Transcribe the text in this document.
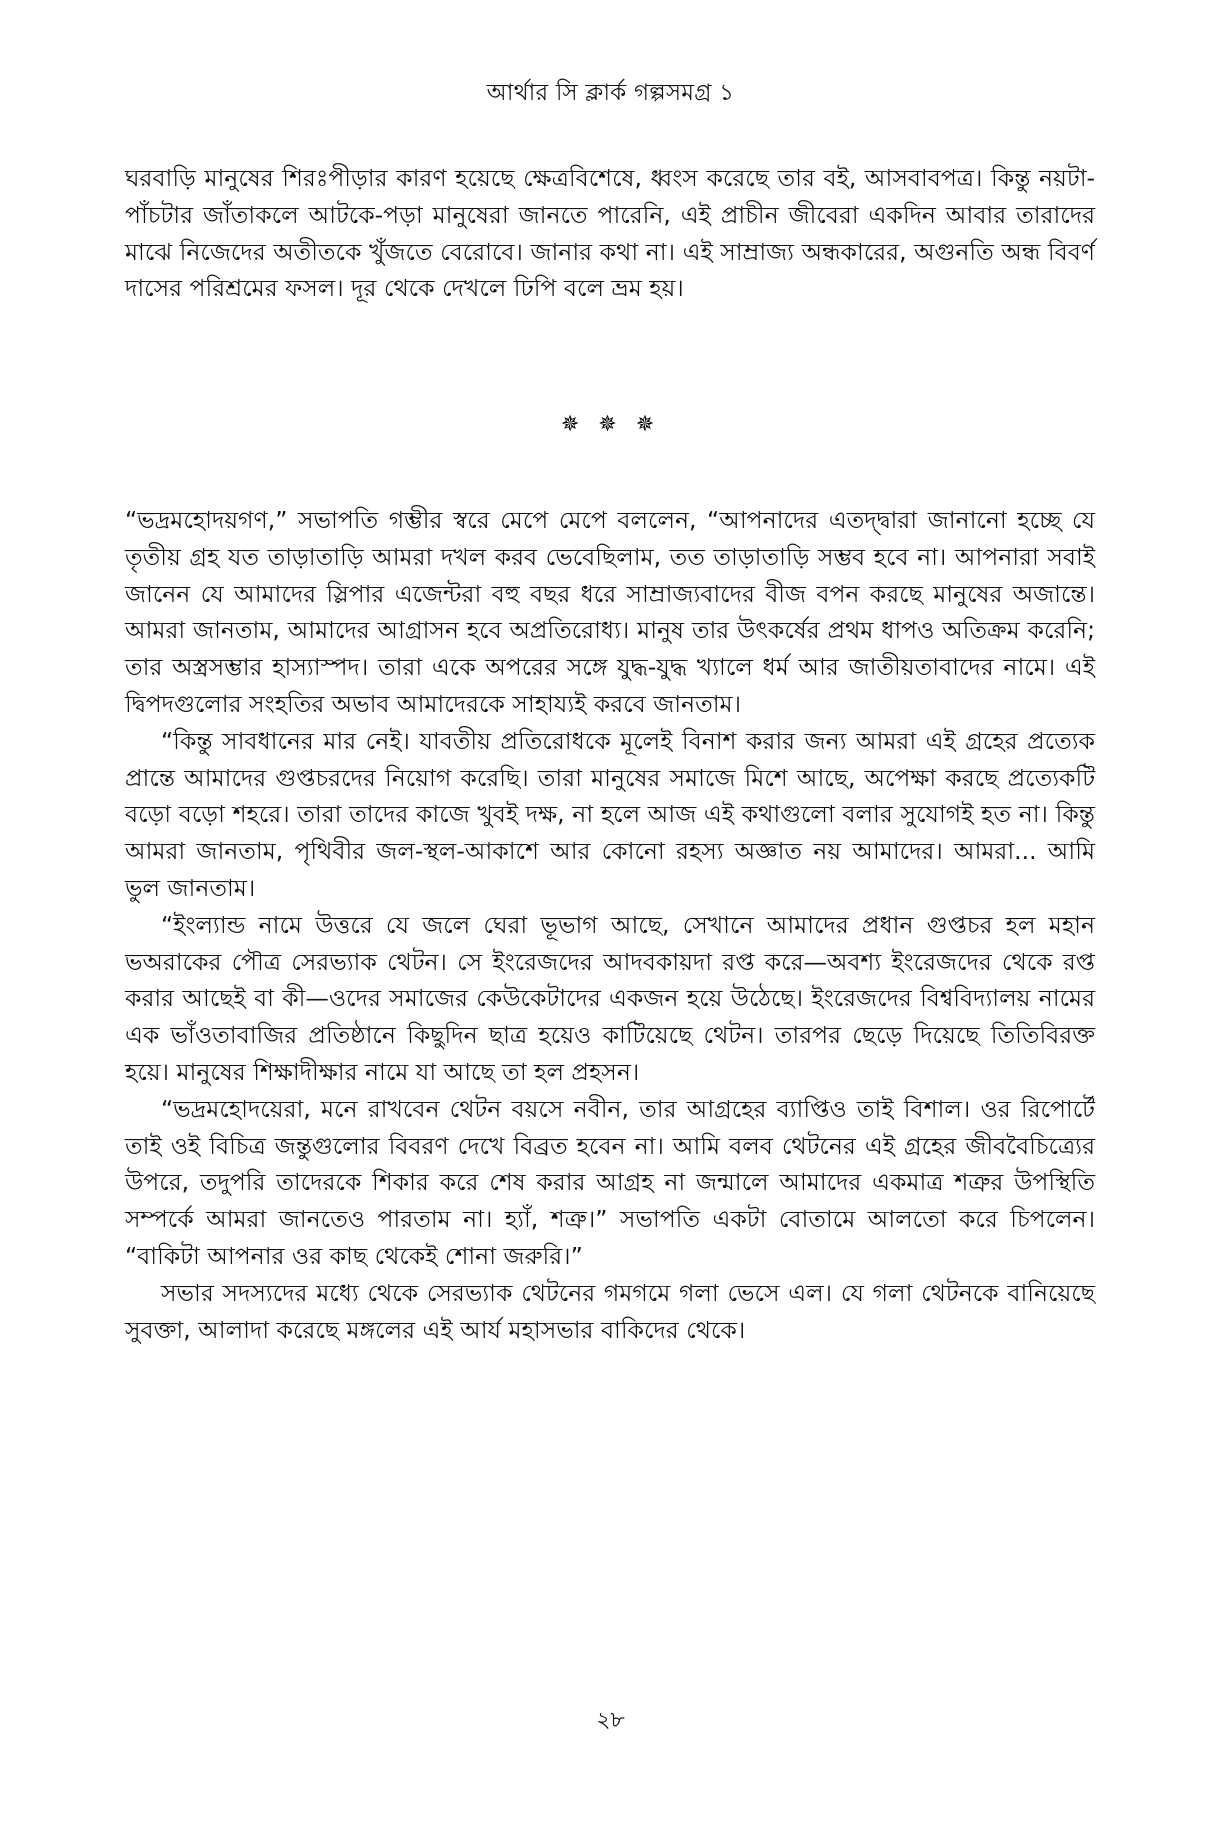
আর্থার সি ক্লার্ক গল্পসমগ্র ১

ঘরবাড়ি মানুষের শিরঃপীড়ার কারণ হয়েছে ক্ষেত্রবিশেষে, ধ্বংস করেছে তার বই, আসবাবপত্র। কিন্তু নয়টা-পাঁচটার জাঁতাকলে আটকে-পড়া মানুষেরা জানতে পারেনি, এই প্রাচীন জীবেরা একদিন আবার তারাদের মাঝে নিজেদের অতীতকে খুঁজতে বেরোবে। জানার কথা না। এই সাম্রাজ্য অন্ধকারের, অগুনতি অন্ধ বিবর্ণ দাসের পরিশ্রমের ফসল। দূর থেকে দেখলে ঢিপি বলে ভ্রম হয়।

✵ ✵ ✵

“ভদ্রমহোদয়গণ,” সভাপতি গম্ভীর স্বরে মেপে মেপে বললেন, “আপনাদের এতদ্দ্বারা জানানো হচ্ছে যে তৃতীয় গ্রহ যত তাড়াতাড়ি আমরা দখল করব ভেবেছিলাম, তত তাড়াতাড়ি সম্ভব হবে না। আপনারা সবাই জানেন যে আমাদের স্লিপার এজেন্টরা বহু বছর ধরে সাম্রাজ্যবাদের বীজ বপন করছে মানুষের অজান্তে। আমরা জানতাম, আমাদের আগ্রাসন হবে অপ্রতিরোধ্য। মানুষ তার উৎকর্ষের প্রথম ধাপও অতিক্রম করেনি; তার অস্ত্রসম্ভার হাস্যাস্পদ। তারা একে অপরের সঙ্গে যুদ্ধ-যুদ্ধ খ্যালে ধর্ম আর জাতীয়তাবাদের নামে। এই দ্বিপদগুলোর সংহতির অভাব আমাদেরকে সাহায্যই করবে জানতাম।

“কিন্তু সাবধানের মার নেই। যাবতীয় প্রতিরোধকে মূলেই বিনাশ করার জন্য আমরা এই গ্রহের প্রত্যেক প্রান্তে আমাদের গুপ্তচরদের নিয়োগ করেছি। তারা মানুষের সমাজে মিশে আছে, অপেক্ষা করছে প্রত্যেকটি বড়ো বড়ো শহরে। তারা তাদের কাজে খুবই দক্ষ, না হলে আজ এই কথাগুলো বলার সুযোগই হত না। কিন্তু আমরা জানতাম, পৃথিবীর জল-স্থল-আকাশে আর কোনো রহস্য অজ্ঞাত নয় আমাদের। আমরা... আমি ভুল জানতাম।

“ইংল্যান্ড নামে উত্তরে যে জলে ঘেরা ভূভাগ আছে, সেখানে আমাদের প্রধান গুপ্তচর হল মহান ভঅরাকের পৌত্র সেরভ্যাক থেটন। সে ইংরেজদের আদবকায়দা রপ্ত করে—অবশ্য ইংরেজদের থেকে রপ্ত করার আছেই বা কী—ওদের সমাজের কেউকেটাদের একজন হয়ে উঠেছে। ইংরেজদের বিশ্ববিদ্যালয় নামের এক ভাঁওতাবাজির প্রতিষ্ঠানে কিছুদিন ছাত্র হয়েও কাটিয়েছে থেটন। তারপর ছেড়ে দিয়েছে তিতিবিরক্ত হয়ে। মানুষের শিক্ষাদীক্ষার নামে যা আছে তা হল প্রহসন।

“ভদ্রমহোদয়েরা, মনে রাখবেন থেটন বয়সে নবীন, তার আগ্রহের ব্যাপ্তিও তাই বিশাল। ওর রিপোর্টে তাই ওই বিচিত্র জন্তুগুলোর বিবরণ দেখে বিব্রত হবেন না। আমি বলব থেটনের এই গ্রহের জীববৈচিত্র্যের উপরে, তদুপরি তাদেরকে শিকার করে শেষ করার আগ্রহ না জন্মালে আমাদের একমাত্র শত্রুর উপস্থিতি সম্পর্কে আমরা জানতেও পারতাম না। হ্যাঁ, শত্রু।” সভাপতি একটা বোতামে আলতো করে চিপলেন। “বাকিটা আপনার ওর কাছ থেকেই শোনা জরুরি।”

সভার সদস্যদের মধ্যে থেকে সেরভ্যাক থেটনের গমগমে গলা ভেসে এল। যে গলা থেটনকে বানিয়েছে সুবক্তা, আলাদা করেছে মঙ্গলের এই আর্য মহাসভার বাকিদের থেকে।

২৮
